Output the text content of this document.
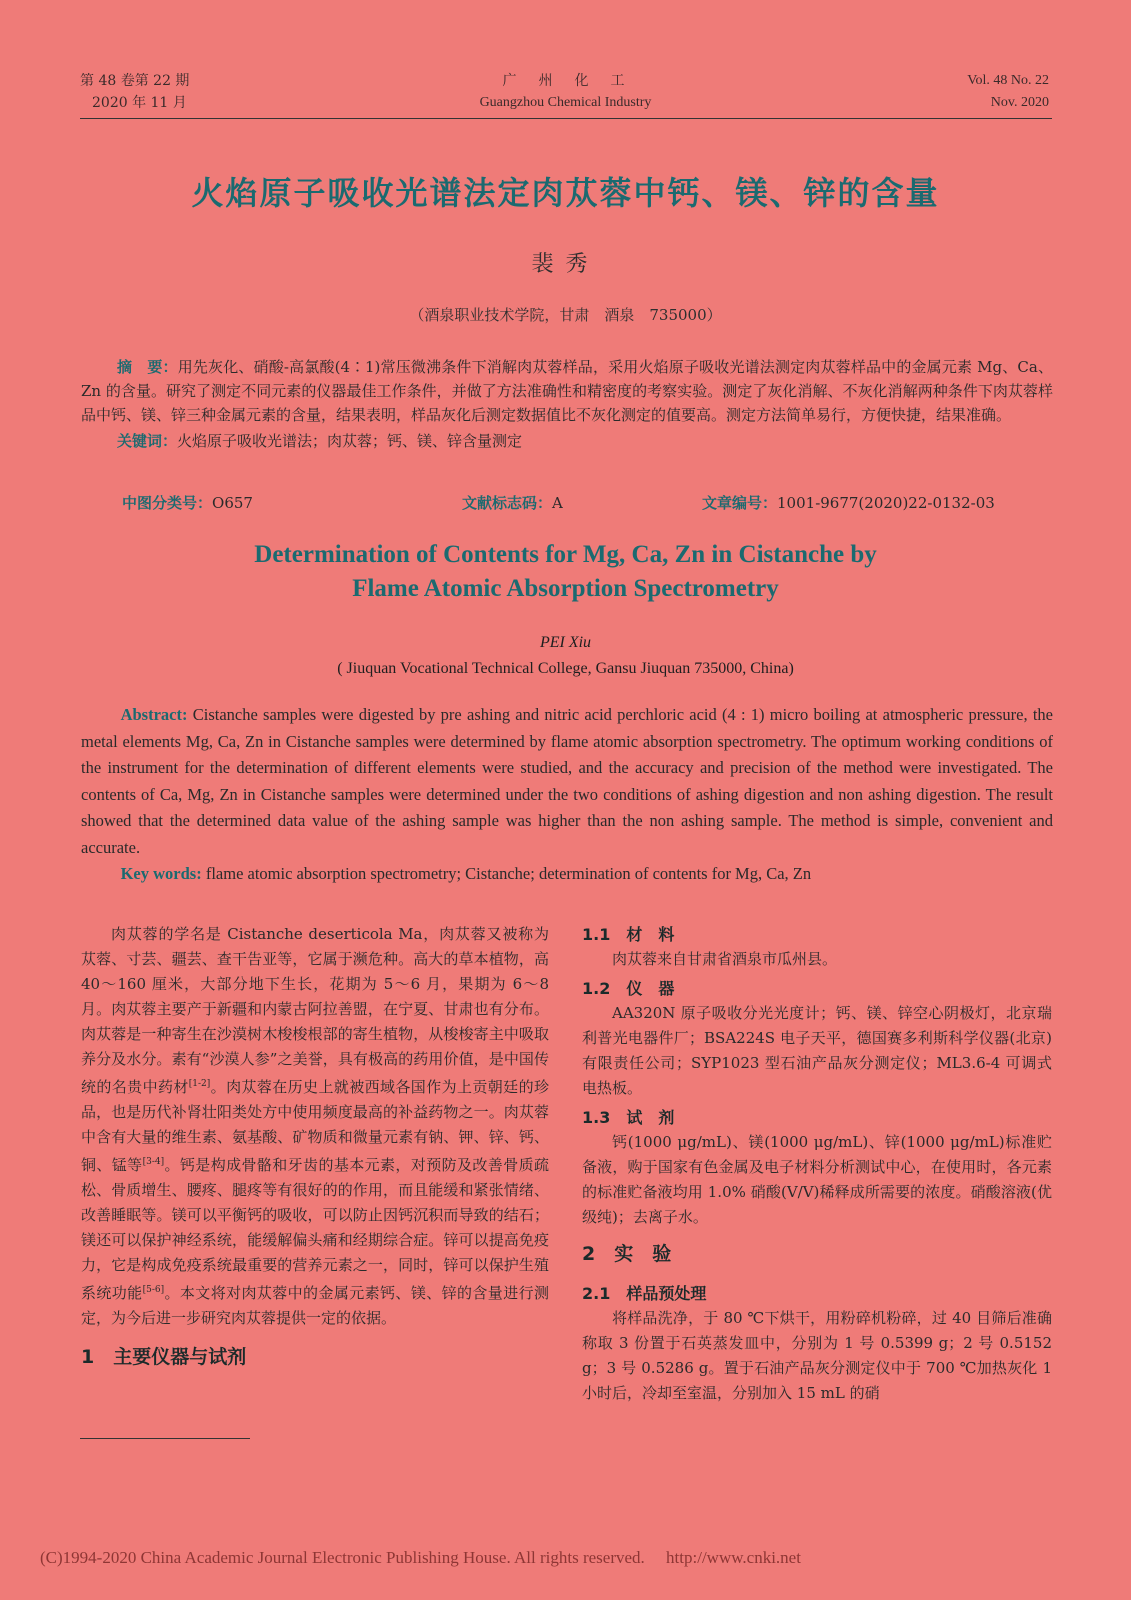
第 48 卷第 22 期
2020 年 11 月
广　州　化　工
Guangzhou Chemical Industry
Vol. 48 No. 22
Nov. 2020
火焰原子吸收光谱法定肉苁蓉中钙、镁、锌的含量
裴秀
（酒泉职业技术学院，甘肃　酒泉　735000）
摘　要：用先灰化、硝酸-高氯酸(4∶1)常压微沸条件下消解肉苁蓉样品，采用火焰原子吸收光谱法测定肉苁蓉样品中的金属元素 Mg、Ca、Zn 的含量。研究了测定不同元素的仪器最佳工作条件，并做了方法准确性和精密度的考察实验。测定了灰化消解、不灰化消解两种条件下肉苁蓉样品中钙、镁、锌三种金属元素的含量，结果表明，样品灰化后测定数据值比不灰化测定的值要高。测定方法简单易行，方便快捷，结果准确。
关键词：火焰原子吸收光谱法；肉苁蓉；钙、镁、锌含量测定
中图分类号：O657	文献标志码：A	文章编号：1001-9677(2020)22-0132-03
Determination of Contents for Mg, Ca, Zn in Cistanche by
Flame Atomic Absorption Spectrometry
PEI Xiu
( Jiuquan Vocational Technical College, Gansu Jiuquan 735000, China)
Abstract: Cistanche samples were digested by pre ashing and nitric acid perchloric acid (4 : 1) micro boiling at atmospheric pressure, the metal elements Mg, Ca, Zn in Cistanche samples were determined by flame atomic absorption spectrometry. The optimum working conditions of the instrument for the determination of different elements were studied, and the accuracy and precision of the method were investigated. The contents of Ca, Mg, Zn in Cistanche samples were determined under the two conditions of ashing digestion and non ashing digestion. The result showed that the determined data value of the ashing sample was higher than the non ashing sample. The method is simple, convenient and accurate.
Key words: flame atomic absorption spectrometry; Cistanche; determination of contents for Mg, Ca, Zn

肉苁蓉的学名是 Cistanche deserticola Ma，肉苁蓉又被称为苁蓉、寸芸、疆芸、查干告亚等，它属于濒危种。高大的草本植物，高 40～160 厘米，大部分地下生长，花期为 5～6 月，果期为 6～8 月。肉苁蓉主要产于新疆和内蒙古阿拉善盟，在宁夏、甘肃也有分布。肉苁蓉是一种寄生在沙漠树木梭梭根部的寄生植物，从梭梭寄主中吸取养分及水分。素有“沙漠人参”之美誉，具有极高的药用价值，是中国传统的名贵中药材[1-2]。肉苁蓉在历史上就被西域各国作为上贡朝廷的珍品，也是历代补肾壮阳类处方中使用频度最高的补益药物之一。肉苁蓉中含有大量的维生素、氨基酸、矿物质和微量元素有钠、钾、锌、钙、铜、锰等[3-4]。钙是构成骨骼和牙齿的基本元素，对预防及改善骨质疏松、骨质增生、腰疼、腿疼等有很好的的作用，而且能缓和紧张情绪、改善睡眠等。镁可以平衡钙的吸收，可以防止因钙沉积而导致的结石；镁还可以保护神经系统，能缓解偏头痛和经期综合症。锌可以提高免疫力，它是构成免疫系统最重要的营养元素之一，同时，锌可以保护生殖系统功能[5-6]。本文将对肉苁蓉中的金属元素钙、镁、锌的含量进行测定，为今后进一步研究肉苁蓉提供一定的依据。

1　主要仪器与试剂
1.1　材　料

肉苁蓉来自甘肃省酒泉市瓜州县。

1.2　仪　器

AA320N 原子吸收分光光度计；钙、镁、锌空心阴极灯，北京瑞利普光电器件厂；BSA224S 电子天平，德国赛多利斯科学仪器(北京)有限责任公司；SYP1023 型石油产品灰分测定仪；ML3.6-4 可调式电热板。

1.3　试　剂

钙(1000 μg/mL)、镁(1000 μg/mL)、锌(1000 μg/mL)标准贮备液，购于国家有色金属及电子材料分析测试中心，在使用时，各元素的标准贮备液均用 1.0% 硝酸(V/V)稀释成所需要的浓度。硝酸溶液(优级纯)；去离子水。

2　实　验
2.1　样品预处理

将样品洗净，于 80 ℃下烘干，用粉碎机粉碎，过 40 目筛后准确称取 3 份置于石英蒸发皿中，分别为 1 号 0.5399 g；2 号 0.5152 g；3 号 0.5286 g。置于石油产品灰分测定仪中于 700 ℃加热灰化 1 小时后，冷却至室温，分别加入 15 mL 的硝

(C)1994-2020 China Academic Journal Electronic Publishing House. All rights reserved.　 http://www.cnki.net
